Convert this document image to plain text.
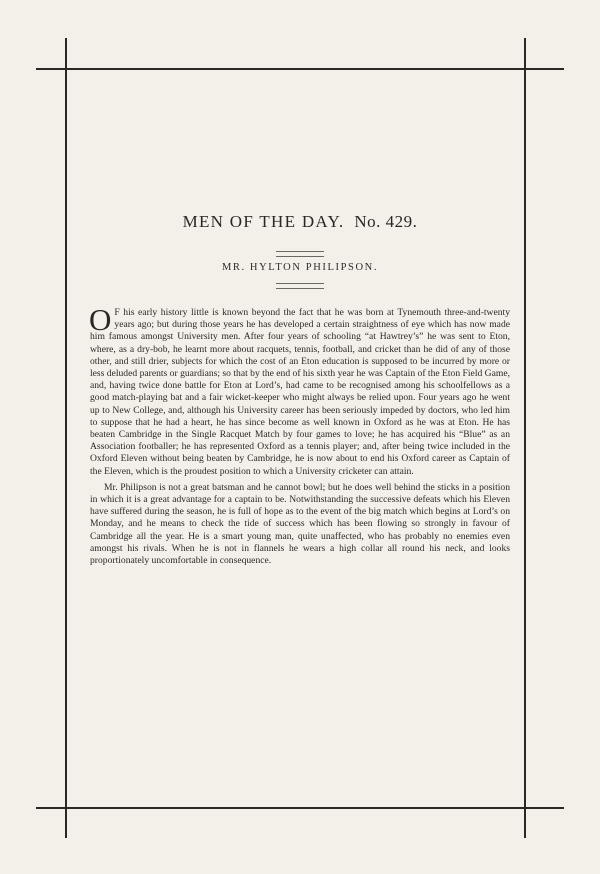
MEN OF THE DAY. No. 429.
MR. HYLTON PHILIPSON.

O F his early history little is known beyond the fact that he was born at Tynemouth three-and-twenty years ago; but during those years he has developed a certain straightness of eye which has now made him famous amongst University men. After four years of schooling “at Hawtrey’s” he was sent to Eton, where, as a dry-bob, he learnt more about racquets, tennis, football, and cricket than he did of any of those other, and still drier, subjects for which the cost of an Eton education is supposed to be incurred by more or less deluded parents or guardians; so that by the end of his sixth year he was Captain of the Eton Field Game, and, having twice done battle for Eton at Lord’s, had came to be recognised among his schoolfellows as a good match-playing bat and a fair wicket-keeper who might always be relied upon. Four years ago he went up to New College, and, although his University career has been seriously impeded by doctors, who led him to suppose that he had a heart, he has since become as well known in Oxford as he was at Eton. He has beaten Cambridge in the Single Racquet Match by four games to love; he has acquired his “Blue” as an Association footballer; he has represented Oxford as a tennis player; and, after being twice included in the Oxford Eleven without being beaten by Cambridge, he is now about to end his Oxford career as Captain of the Eleven, which is the proudest position to which a University cricketer can attain.

Mr. Philipson is not a great batsman and he cannot bowl; but he does well behind the sticks in a position in which it is a great advantage for a captain to be. Notwithstanding the successive defeats which his Eleven have suffered during the season, he is full of hope as to the event of the big match which begins at Lord’s on Monday, and he means to check the tide of success which has been flowing so strongly in favour of Cambridge all the year. He is a smart young man, quite unaffected, who has probably no enemies even amongst his rivals. When he is not in flannels he wears a high collar all round his neck, and looks proportionately uncomfortable in consequence.
